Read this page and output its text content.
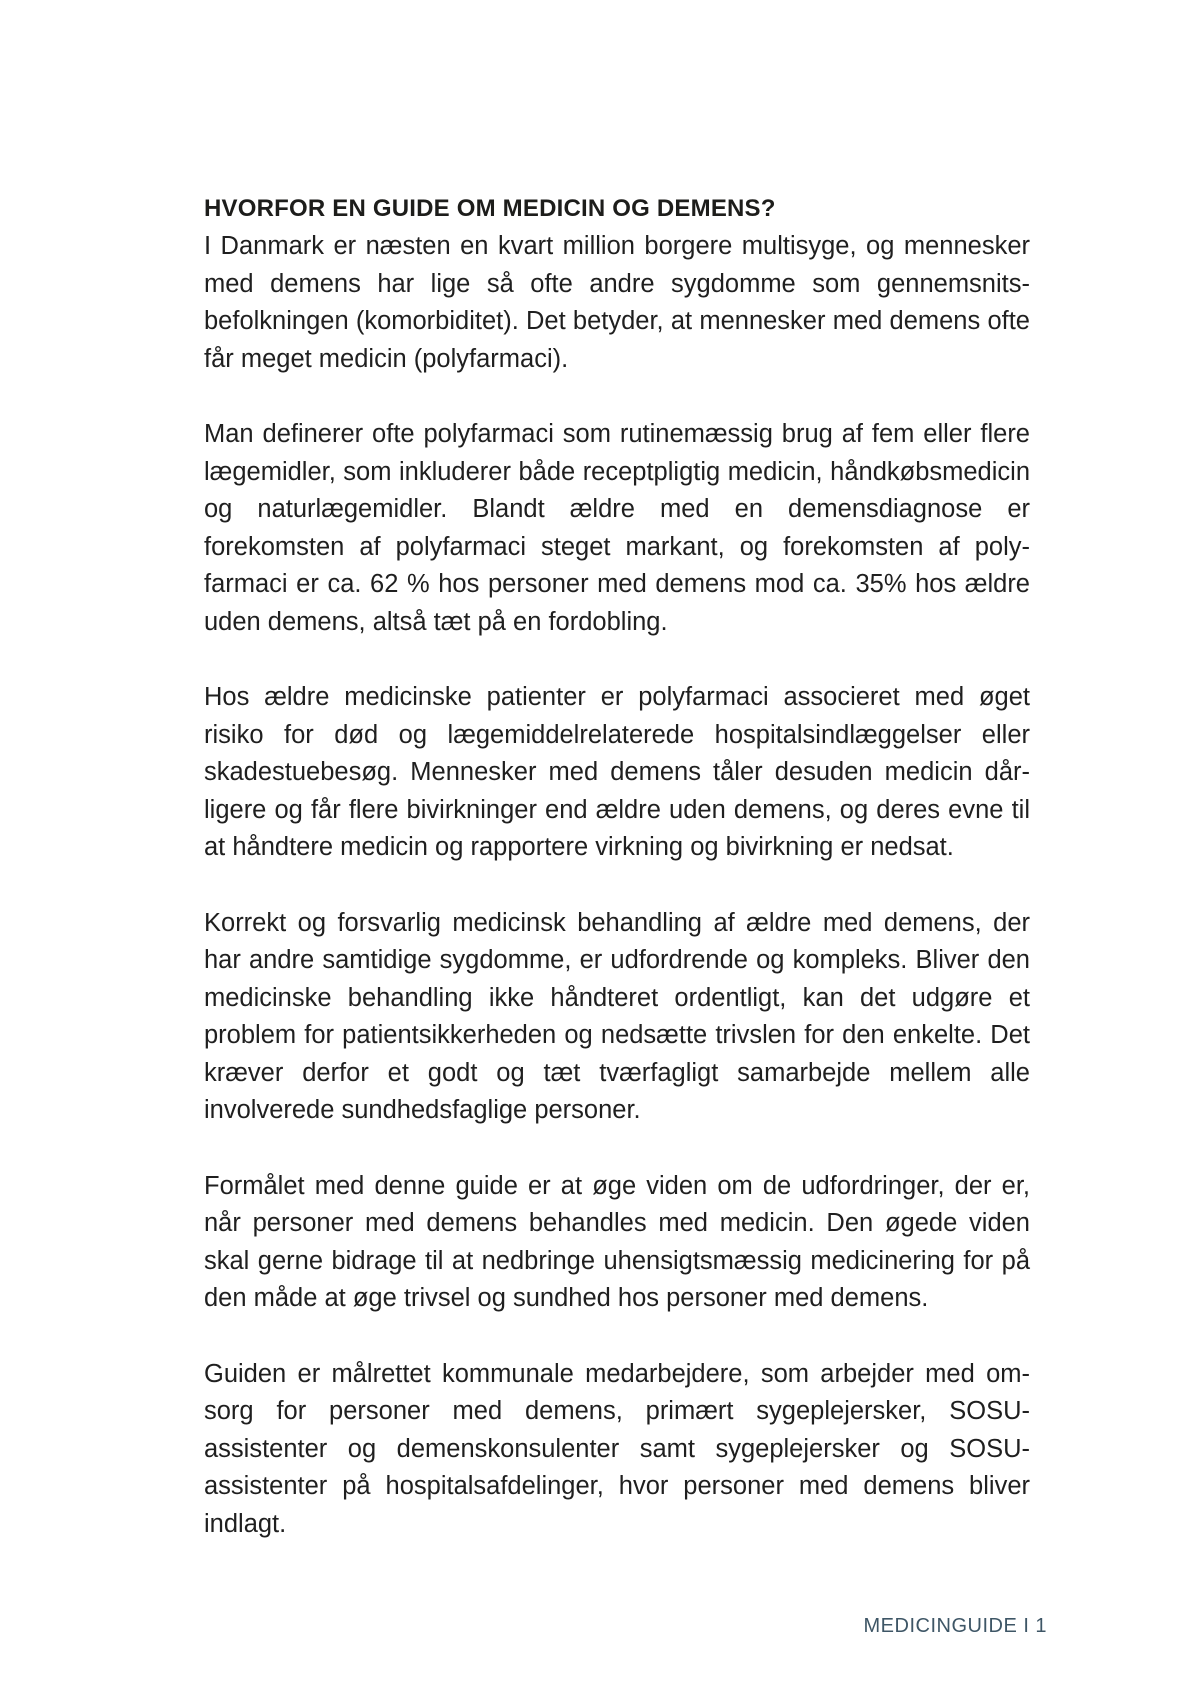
HVORFOR EN GUIDE OM MEDICIN OG DEMENS?

I Danmark er næsten en kvart million borgere multisyge, og mennesker med demens har lige så ofte andre sygdomme som gennemsnitsbefolkningen (komorbiditet). Det betyder, at mennesker med demens ofte får meget medicin (polyfarmaci).

Man definerer ofte polyfarmaci som rutinemæssig brug af fem eller flere lægemidler, som inkluderer både receptpligtig medicin, håndkøbsmedicin og naturlægemidler. Blandt ældre med en demensdiagnose er forekomsten af polyfarmaci steget markant, og forekomsten af polyfarmaci er ca. 62 % hos personer med demens mod ca. 35% hos ældre uden demens, altså tæt på en fordobling.

Hos ældre medicinske patienter er polyfarmaci associeret med øget risiko for død og lægemiddelrelaterede hospitalsindlæggelser eller skadestuebesøg. Mennesker med demens tåler desuden medicin dårligere og får flere bivirkninger end ældre uden demens, og deres evne til at håndtere medicin og rapportere virkning og bivirkning er nedsat.

Korrekt og forsvarlig medicinsk behandling af ældre med demens, der har andre samtidige sygdomme, er udfordrende og kompleks. Bliver den medicinske behandling ikke håndteret ordentligt, kan det udgøre et problem for patientsikkerheden og nedsætte trivslen for den enkelte. Det kræver derfor et godt og tæt tværfagligt samarbejde mellem alle involverede sundhedsfaglige personer.

Formålet med denne guide er at øge viden om de udfordringer, der er, når personer med demens behandles med medicin. Den øgede viden skal gerne bidrage til at nedbringe uhensigtsmæssig medicinering for på den måde at øge trivsel og sundhed hos personer med demens.

Guiden er målrettet kommunale medarbejdere, som arbejder med omsorg for personer med demens, primært sygeplejersker, SOSU-assistenter og demenskonsulenter samt sygeplejersker og SOSU-assistenter på hospitalsafdelinger, hvor personer med demens bliver indlagt.

MEDICINGUIDE I 1
